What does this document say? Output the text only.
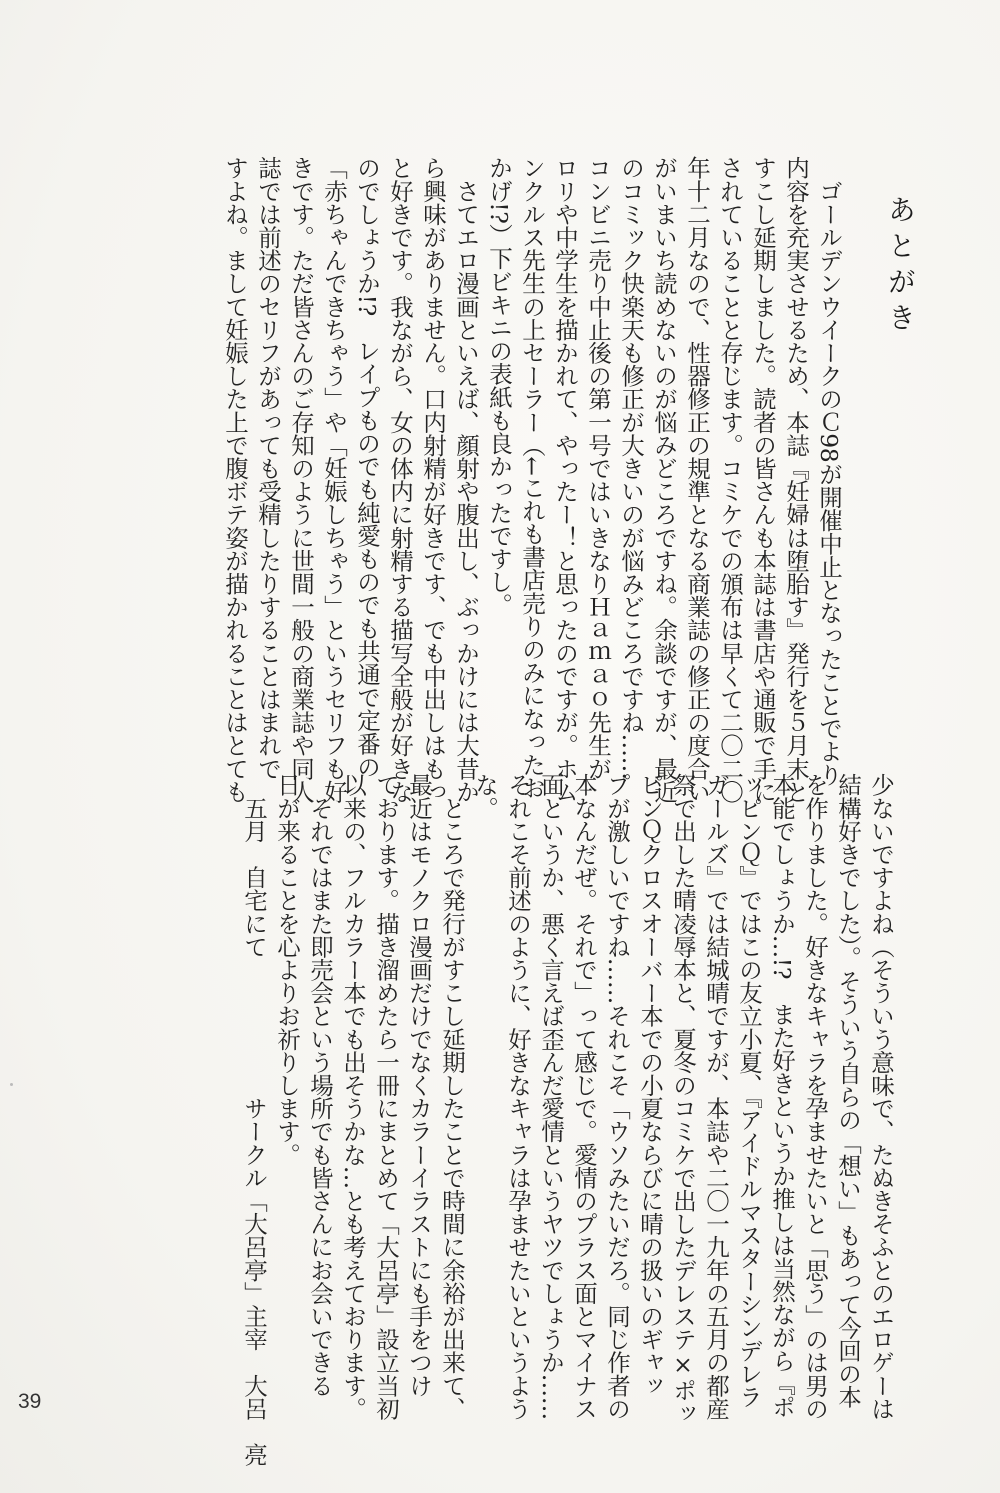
あとがき
　ゴールデンウイークのＣ98が開催中止となったことでより
内容を充実させるため、本誌『妊婦は堕胎す』発行を５月末と
すこし延期しました。読者の皆さんも本誌は書店や通販で手に
されていることと存じます。コミケでの頒布は早くて二〇二〇
年十二月なので、性器修正の規準となる商業誌の修正の度合い
がいまいち読めないのが悩みどころですね。余談ですが、最近
のコミック快楽天も修正が大きいのが悩みどころですね……
コンビニ売り中止後の第一号ではいきなりＨａｍａｏ先生が
ロリや中学生を描かれて、やったー！と思ったのですが。ホム
ンクルス先生の上セーラー（←これも書店売りのみになったお
かげ!?）下ビキニの表紙も良かったですし。
　さてエロ漫画といえば、顔射や腹出し、ぶっかけには大昔か
ら興味がありません。口内射精が好きです、でも中出しはもっ
と好きです。我ながら、女の体内に射精する描写全般が好きな
のでしょうか!?　レイプものでも純愛ものでも共通で定番の
「赤ちゃんできちゃう」や「妊娠しちゃう」というセリフも好
きです。ただ皆さんのご存知のように世間一般の商業誌や同人
誌では前述のセリフがあっても受精したりすることはまれで
すよね。まして妊娠した上で腹ボテ姿が描かれることはとても
少ないですよね（そういう意味で、たぬきそふとのエロゲーは
結構好きでした）。そういう自らの「想い」もあって今回の本
を作りました。好きなキャラを孕ませたいと「思う」のは男の
本能でしょうか…!?　また好きというか推しは当然ながら『ポ
ッピンＱ』ではこの友立小夏、『アイドルマスターシンデレラ
ガールズ』では結城晴ですが、本誌や二〇一九年の五月の都産
祭で出した晴凌辱本と、夏冬のコミケで出したデレステ×ポッ
ピンＱクロスオーバー本での小夏ならびに晴の扱いのギャッ
プが激しいですね……それこそ「ウソみたいだろ。同じ作者の
本なんだぜ。それで」って感じで。愛情のプラス面とマイナス
面というか、悪く言えば歪んだ愛情というヤツでしょうか……
それこそ前述のように、好きなキャラは孕ませたいというよう
な。
　ところで発行がすこし延期したことで時間に余裕が出来て、
最近はモノクロ漫画だけでなくカラーイラストにも手をつけ
ております。描き溜めたら一冊にまとめて「大呂亭」設立当初
以来の、フルカラー本でも出そうかな…とも考えております。
　それではまた即売会という場所でも皆さんにお会いできる
日が来ることを心よりお祈りします。
　五月　自宅にて　　　　　　サークル「大呂亭」主宰　大呂　亮
39
